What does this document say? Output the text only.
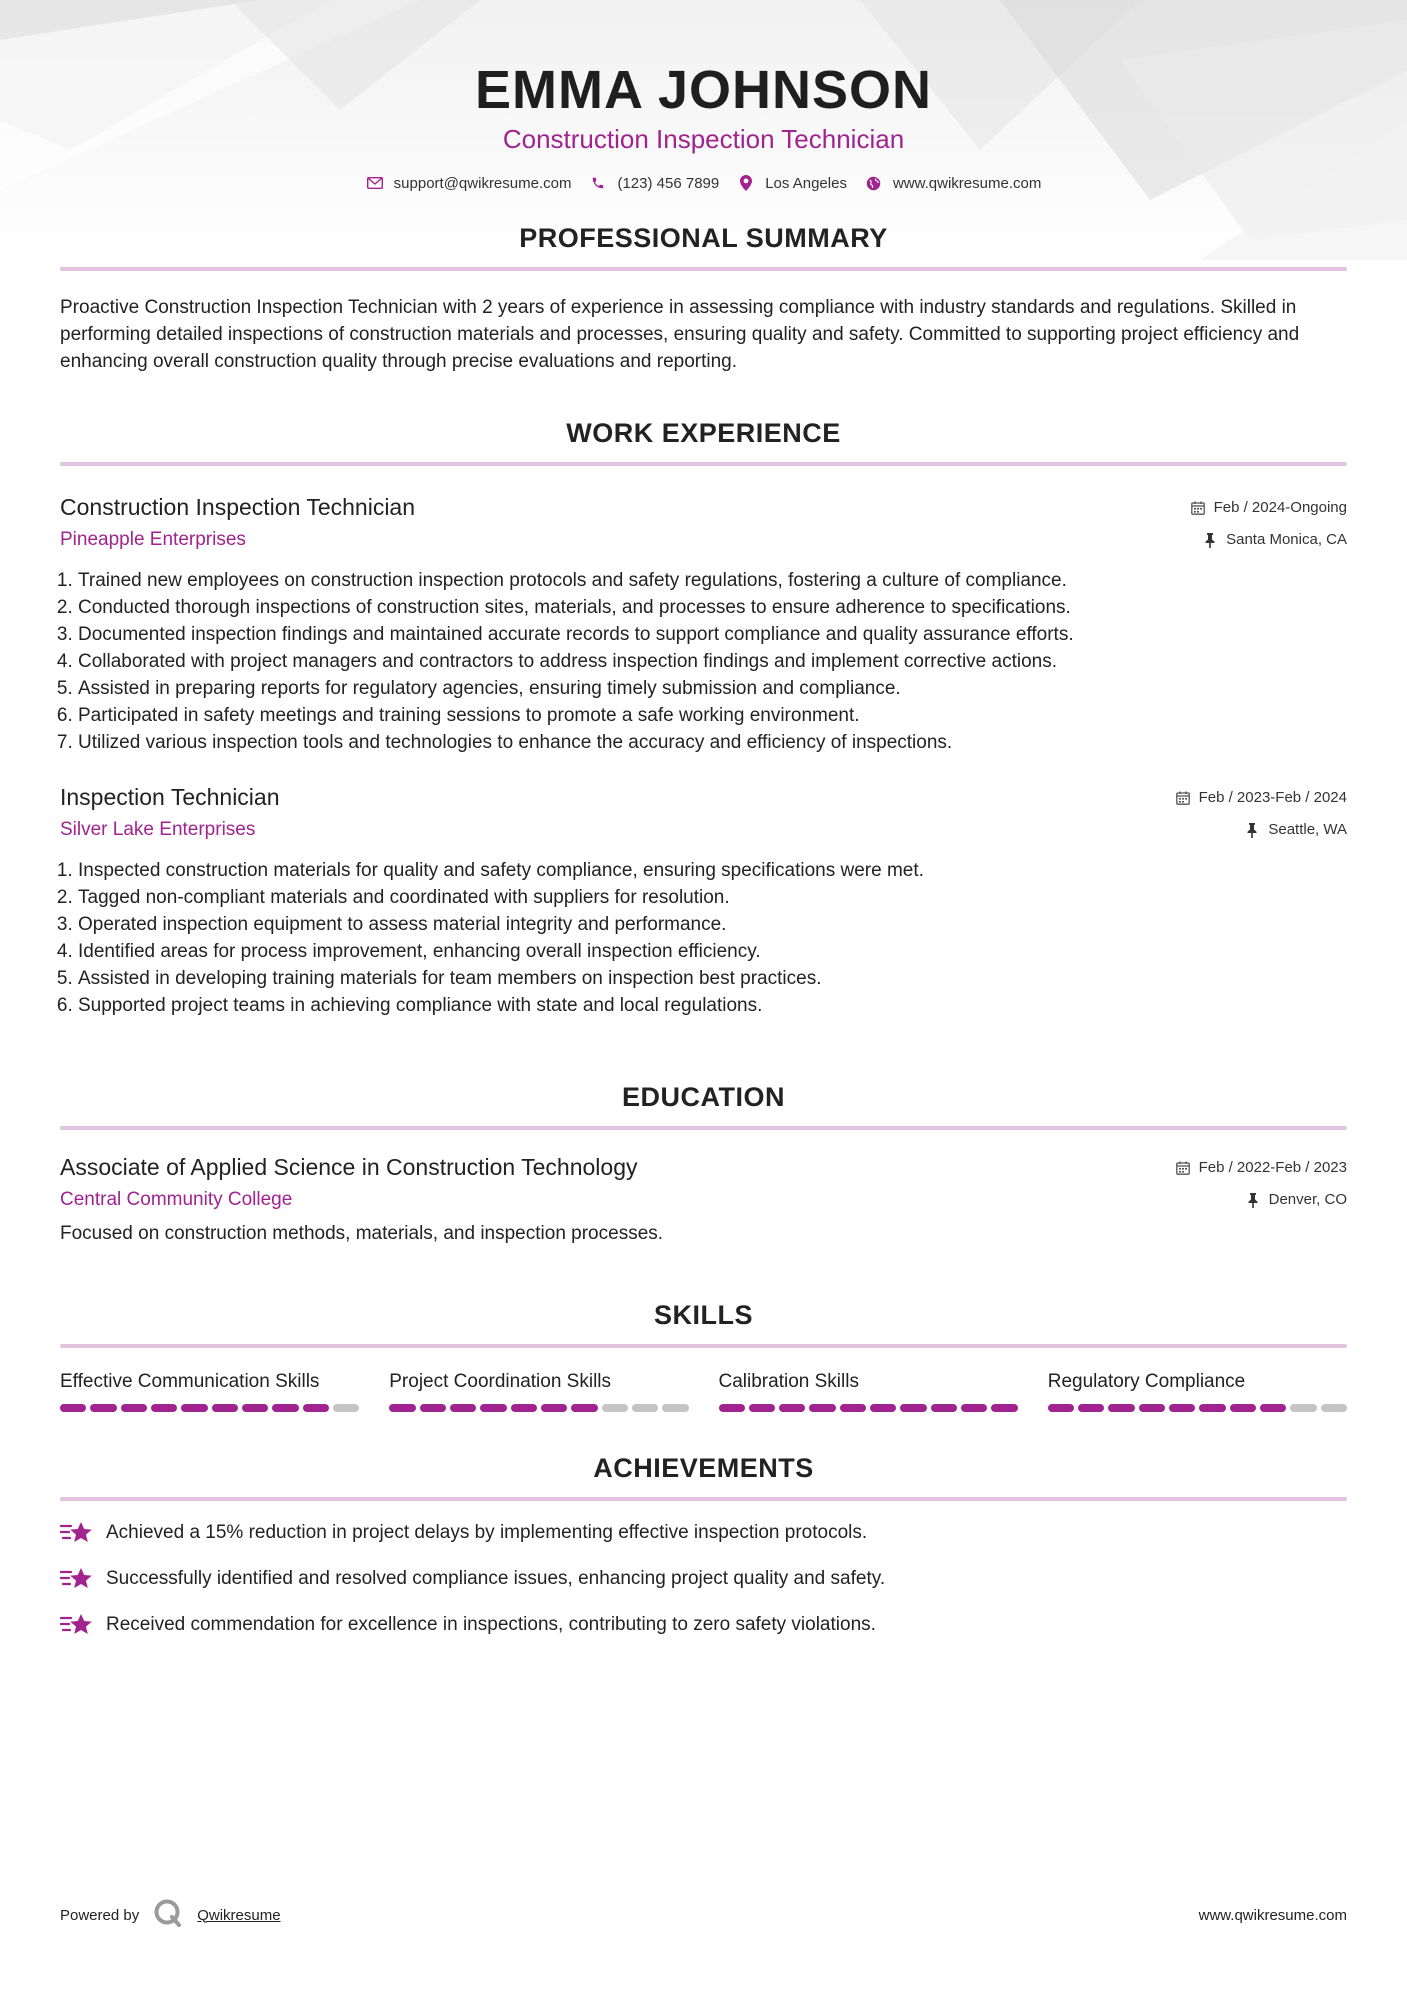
EMMA JOHNSON
Construction Inspection Technician
support@qwikresume.com	(123) 456 7899	Los Angeles	www.qwikresume.com
PROFESSIONAL SUMMARY

Proactive Construction Inspection Technician with 2 years of experience in assessing compliance with industry standards and regulations. Skilled in performing detailed inspections of construction materials and processes, ensuring quality and safety. Committed to supporting project efficiency and enhancing overall construction quality through precise evaluations and reporting.

WORK EXPERIENCE
Construction Inspection Technician
Pineapple Enterprises
Feb / 2024-Ongoing
Santa Monica, CA
1. Trained new employees on construction inspection protocols and safety regulations, fostering a culture of compliance.
2. Conducted thorough inspections of construction sites, materials, and processes to ensure adherence to specifications.
3. Documented inspection findings and maintained accurate records to support compliance and quality assurance efforts.
4. Collaborated with project managers and contractors to address inspection findings and implement corrective actions.
5. Assisted in preparing reports for regulatory agencies, ensuring timely submission and compliance.
6. Participated in safety meetings and training sessions to promote a safe working environment.
7. Utilized various inspection tools and technologies to enhance the accuracy and efficiency of inspections.
Inspection Technician
Silver Lake Enterprises
Feb / 2023-Feb / 2024
Seattle, WA
1. Inspected construction materials for quality and safety compliance, ensuring specifications were met.
2. Tagged non-compliant materials and coordinated with suppliers for resolution.
3. Operated inspection equipment to assess material integrity and performance.
4. Identified areas for process improvement, enhancing overall inspection efficiency.
5. Assisted in developing training materials for team members on inspection best practices.
6. Supported project teams in achieving compliance with state and local regulations.
EDUCATION
Associate of Applied Science in Construction Technology
Central Community College
Feb / 2022-Feb / 2023
Denver, CO

Focused on construction methods, materials, and inspection processes.

SKILLS
Effective Communication Skills	Project Coordination Skills	Calibration Skills	Regulatory Compliance
ACHIEVEMENTS
Achieved a 15% reduction in project delays by implementing effective inspection protocols.
Successfully identified and resolved compliance issues, enhancing project quality and safety.
Received commendation for excellence in inspections, contributing to zero safety violations.
Powered by	Qwikresume	www.qwikresume.com
